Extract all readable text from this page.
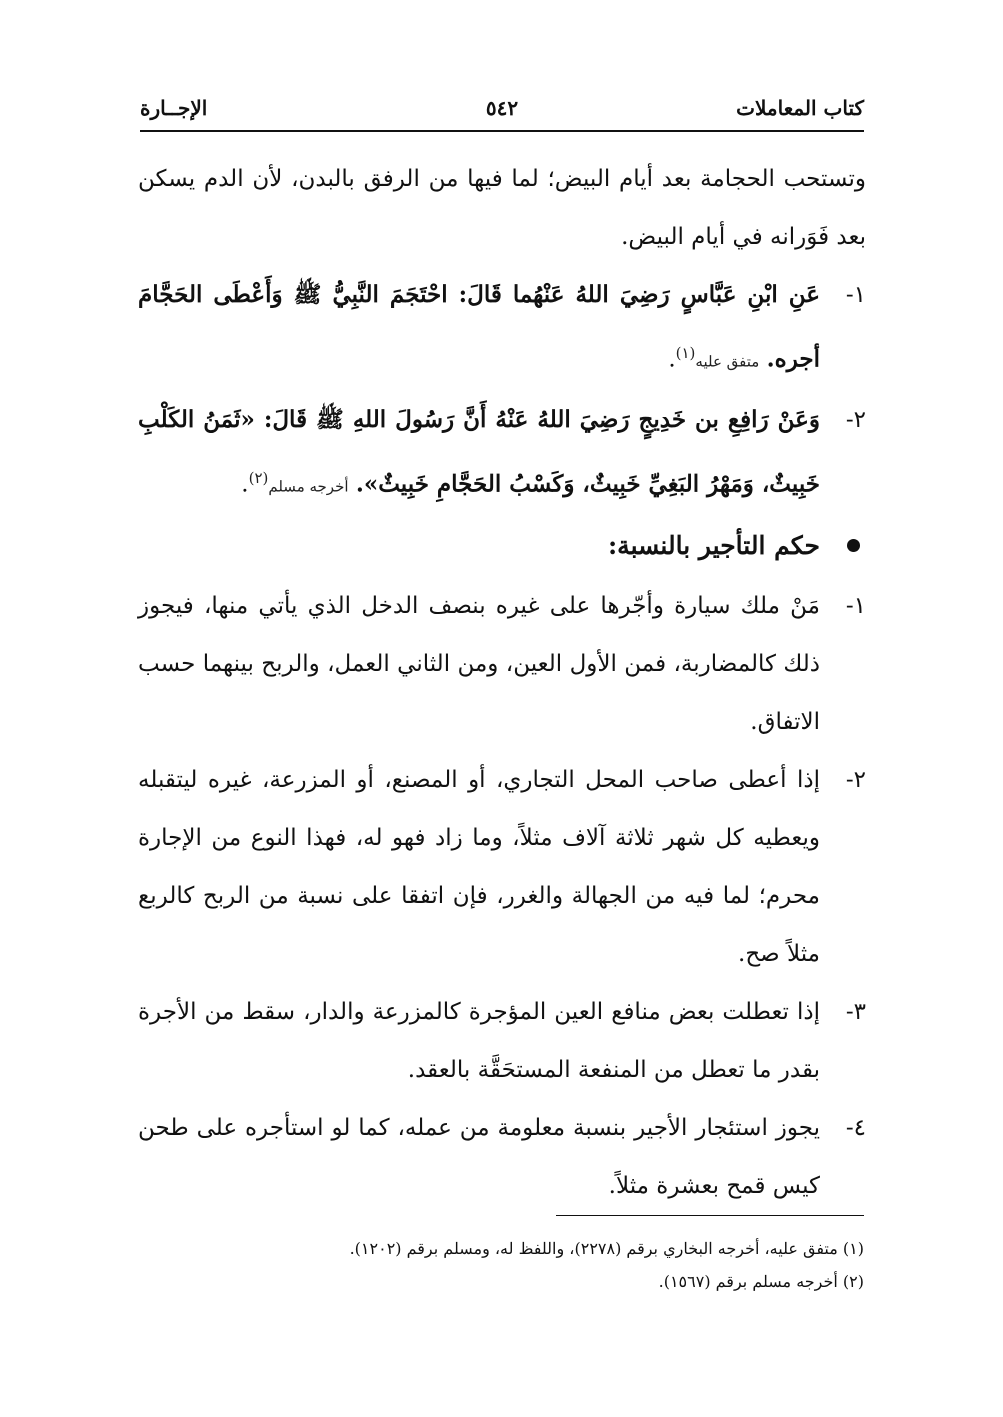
كتاب المعاملات
٥٤٢
الإجــارة

وتستحب الحجامة بعد أيام البيض؛ لما فيها من الرفق بالبدن، لأن الدم يسكن بعد فَوَرانه في أيام البيض.

١-
عَنِ ابْنِ عَبَّاسٍ رَضِيَ اللهُ عَنْهُما قَالَ: احْتَجَمَ النَّبِيُّ ﷺ وَأَعْطَى الحَجَّامَ أجره. متفق عليه$^{(١)}$.
٢-
وَعَنْ رَافِعِ بن خَدِيجٍ رَضِيَ اللهُ عَنْهُ أَنَّ رَسُولَ اللهِ ﷺ قَالَ: «ثَمَنُ الكَلْبِ خَبِيثٌ، وَمَهْرُ البَغِيِّ خَبِيثٌ، وَكَسْبُ الحَجَّامِ خَبِيثٌ». أخرجه مسلم$^{(٢)}$.
حكم التأجير بالنسبة:
١-
مَنْ ملك سيارة وأجّرها على غيره بنصف الدخل الذي يأتي منها، فيجوز ذلك كالمضاربة، فمن الأول العين، ومن الثاني العمل، والربح بينهما حسب الاتفاق.
٢-
إذا أعطى صاحب المحل التجاري، أو المصنع، أو المزرعة، غيره ليتقبله ويعطيه كل شهر ثلاثة آلاف مثلاً، وما زاد فهو له، فهذا النوع من الإجارة محرم؛ لما فيه من الجهالة والغرر، فإن اتفقا على نسبة من الربح كالربع مثلاً صح.
٣-
إذا تعطلت بعض منافع العين المؤجرة كالمزرعة والدار، سقط من الأجرة بقدر ما تعطل من المنفعة المستحَقَّة بالعقد.
٤-
يجوز استئجار الأجير بنسبة معلومة من عمله، كما لو استأجره على طحن كيس قمح بعشرة مثلاً.
(١) متفق عليه، أخرجه البخاري برقم (٢٢٧٨)، واللفظ له، ومسلم برقم (١٢٠٢).
(٢) أخرجه مسلم برقم (١٥٦٧).
